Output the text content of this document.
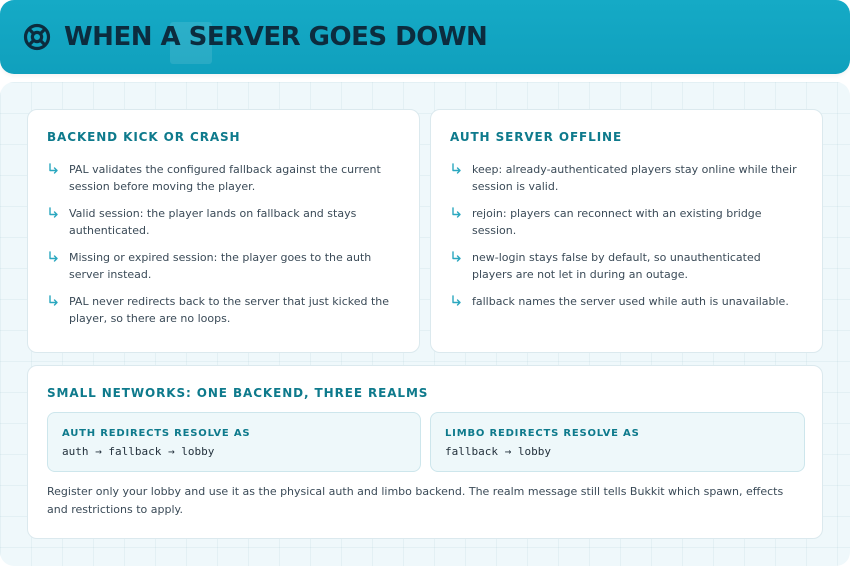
WHEN A SERVER GOES DOWN
BACKEND KICK OR CRASH
PAL validates the configured fallback against the current session before moving the player.
Valid session: the player lands on fallback and stays authenticated.
Missing or expired session: the player goes to the auth server instead.
PAL never redirects back to the server that just kicked the player, so there are no loops.
AUTH SERVER OFFLINE
keep: already-authenticated players stay online while their session is valid.
rejoin: players can reconnect with an existing bridge session.
new-login stays false by default, so unauthenticated players are not let in during an outage.
fallback names the server used while auth is unavailable.
SMALL NETWORKS: ONE BACKEND, THREE REALMS
AUTH REDIRECTS RESOLVE AS
auth → fallback → lobby
LIMBO REDIRECTS RESOLVE AS
fallback → lobby
Register only your lobby and use it as the physical auth and limbo backend. The realm message still tells Bukkit which spawn, effects and restrictions to apply.
